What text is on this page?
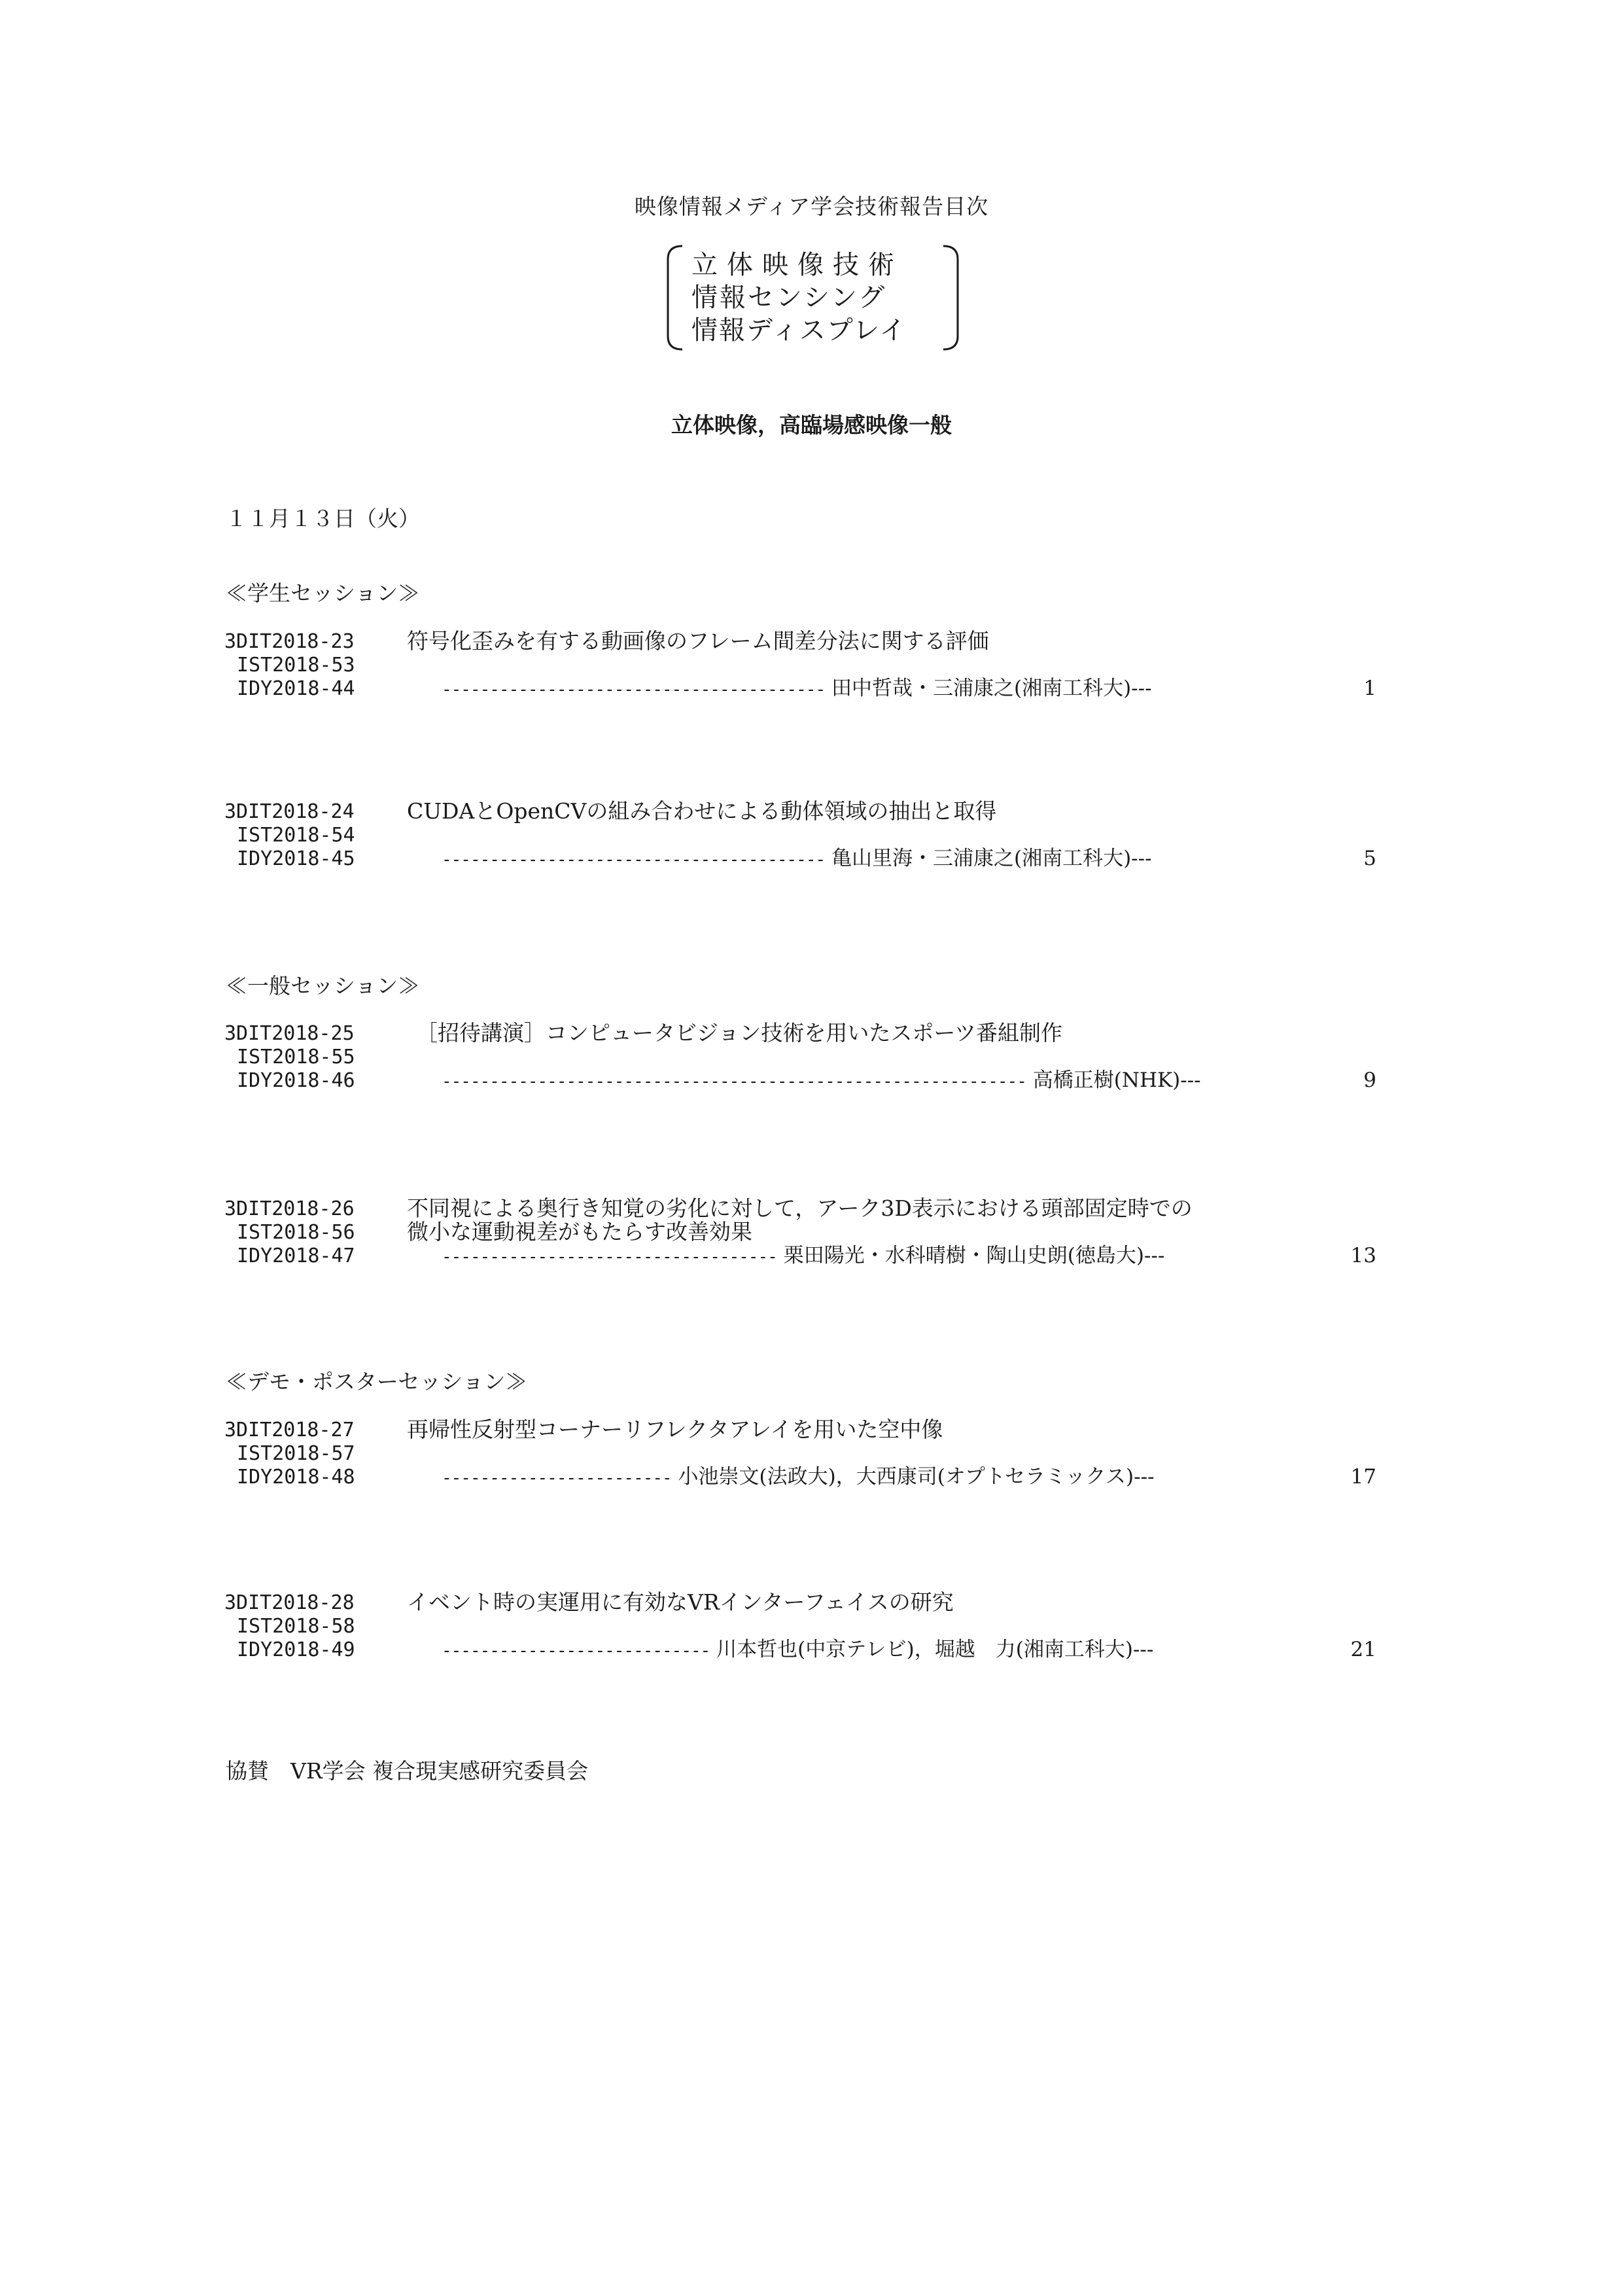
映像情報メディア学会技術報告目次
立体映像技術
情報センシング
情報ディスプレイ
立体映像，高臨場感映像一般
１１月１３日（火）
≪学生セッション≫
3DIT2018-23
IST2018-53
IDY2018-44
符号化歪みを有する動画像のフレーム間差分法に関する評価
---------------------------------------- 田中哲哉・三浦康之(湘南工科大)---	1
3DIT2018-24
IST2018-54
IDY2018-45
CUDAとOpenCVの組み合わせによる動体領域の抽出と取得
---------------------------------------- 亀山里海・三浦康之(湘南工科大)---	5
≪一般セッション≫
3DIT2018-25
IST2018-55
IDY2018-46
［招待講演］コンピュータビジョン技術を用いたスポーツ番組制作
------------------------------------------------------------- 高橋正樹(NHK)---	9
3DIT2018-26
IST2018-56
IDY2018-47
不同視による奥行き知覚の劣化に対して，アーク3D表示における頭部固定時での
微小な運動視差がもたらす改善効果
----------------------------------- 栗田陽光・水科晴樹・陶山史朗(徳島大)---	13
≪デモ・ポスターセッション≫
3DIT2018-27
IST2018-57
IDY2018-48
再帰性反射型コーナーリフレクタアレイを用いた空中像
------------------------ 小池崇文(法政大)，大西康司(オプトセラミックス)---	17
3DIT2018-28
IST2018-58
IDY2018-49
イベント時の実運用に有効なVRインターフェイスの研究
---------------------------- 川本哲也(中京テレビ)，堀越　力(湘南工科大)---	21
協賛　VR学会 複合現実感研究委員会
